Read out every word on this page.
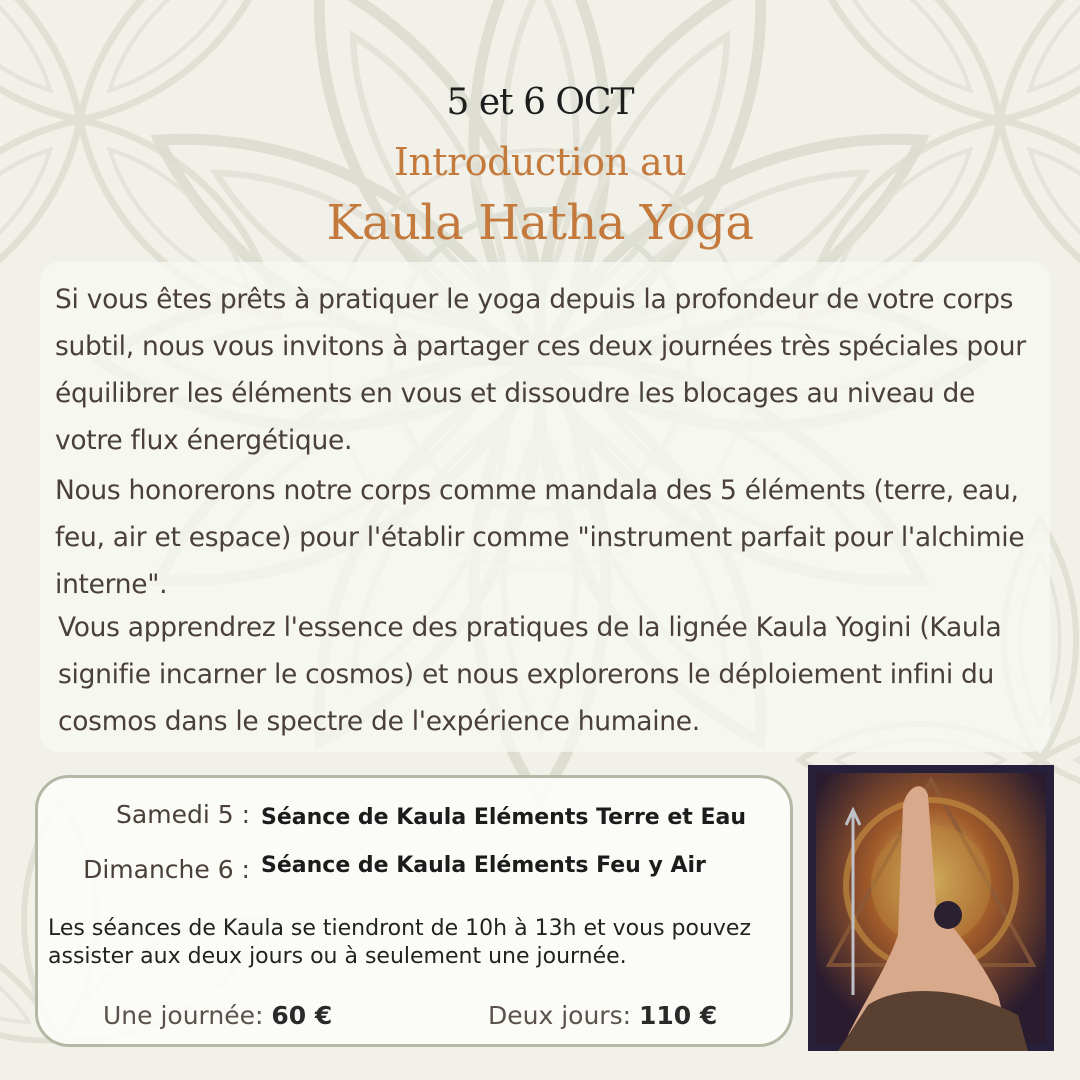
5 et 6 OCT
Introduction au
Kaula Hatha Yoga
Si vous êtes prêts à pratiquer le yoga depuis la profondeur de votre corps subtil, nous vous invitons à partager ces deux journées très spéciales pour équilibrer les éléments en vous et dissoudre les blocages au niveau de votre flux énergétique.
Nous honorerons notre corps comme mandala des 5 éléments (terre, eau, feu, air et espace) pour l'établir comme "instrument parfait pour l'alchimie interne".
Vous apprendrez l'essence des pratiques de la lignée Kaula Yogini (Kaula signifie incarner le cosmos) et nous explorerons le déploiement infini du cosmos dans le spectre de l'expérience humaine.
Samedi 5 : Séance de Kaula Eléments Terre et Eau
Dimanche 6 : Séance de Kaula Eléments Feu y Air
Les séances de Kaula se tiendront de 10h à 13h et vous pouvez assister aux deux jours ou à seulement une journée.
Une journée: 60 €	Deux jours: 110 €
